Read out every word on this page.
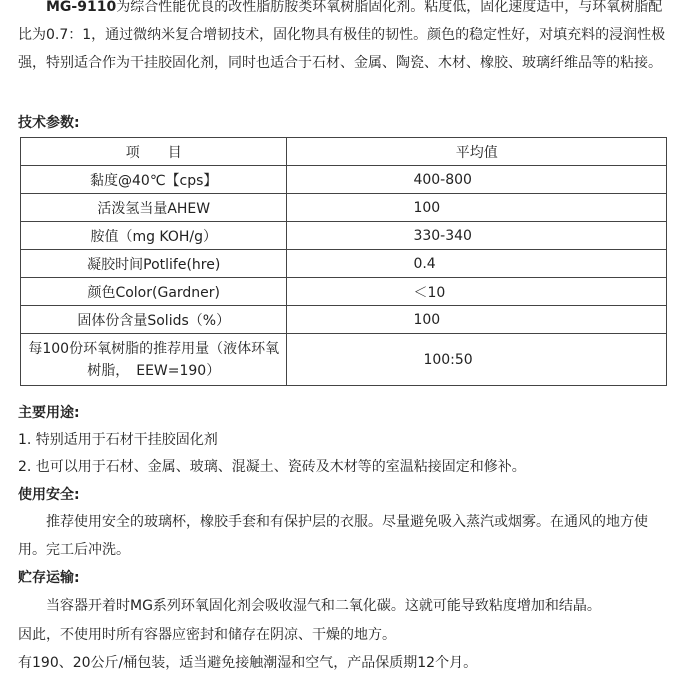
MG-9110为综合性能优良的改性脂肪胺类环氧树脂固化剂。粘度低，固化速度适中，与环氧树脂配比为0.7：1，通过微纳米复合增韧技术，固化物具有极佳的韧性。颜色的稳定性好，对填充料的浸润性极强，特别适合作为干挂胶固化剂，同时也适合于石材、金属、陶瓷、木材、橡胶、玻璃纤维品等的粘接。

技术参数:
项　　目	平均值
黏度@40℃【cps】	400-800
活泼氢当量AHEW	100
胺值（mg KOH/g）	330-340
凝胶时间Potlife(hre)	0.4
颜色Color(Gardner)	＜10
固体份含量Solids（%）	100
每100份环氧树脂的推荐用量（液体环氧树脂，　EEW=190）	100:50
主要用途:
1. 特别适用于石材干挂胶固化剂
2. 也可以用于石材、金属、玻璃、混凝土、瓷砖及木材等的室温粘接固定和修补。
使用安全:

推荐使用安全的玻璃杯，橡胶手套和有保护层的衣服。尽量避免吸入蒸汽或烟雾。在通风的地方使用。完工后冲洗。

贮存运输:
当容器开着时MG系列环氧固化剂会吸收湿气和二氧化碳。这就可能导致粘度增加和结晶。
因此，不使用时所有容器应密封和储存在阴凉、干燥的地方。
有190、20公斤/桶包装，适当避免接触潮湿和空气，产品保质期12个月。
